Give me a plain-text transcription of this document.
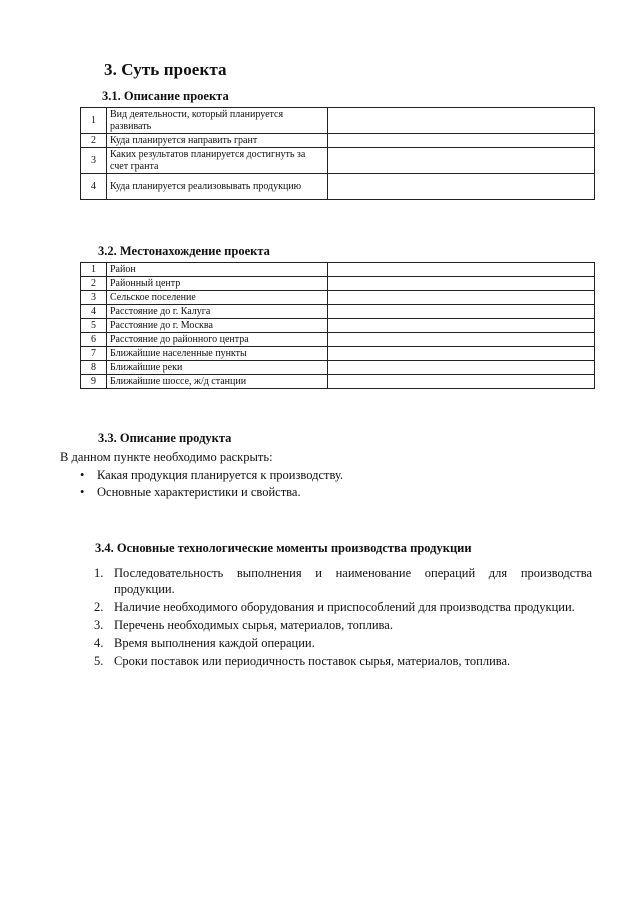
3. Суть проекта
3.1. Описание проекта
1	Вид деятельности, который планируется развивать	
2	Куда планируется направить грант	
3	Каких результатов планируется достигнуть за счет гранта	
4	Куда планируется реализовывать продукцию	
3.2. Местонахождение проекта
1	Район	
2	Районный центр	
3	Сельское поселение	
4	Расстояние до г. Калуга	
5	Расстояние до г. Москва	
6	Расстояние до районного центра	
7	Ближайшие населенные пункты	
8	Ближайшие реки	
9	Ближайшие шоссе, ж/д станции	
3.3. Описание продукта
В данном пункте необходимо раскрыть:
• Какая продукция планируется к производству.
• Основные характеристики и свойства.
3.4. Основные технологические моменты производства продукции
1. Последовательность выполнения и наименование операций для производства продукции.
2. Наличие необходимого оборудования и приспособлений для производства продукции.
3. Перечень необходимых сырья, материалов, топлива.
4. Время выполнения каждой операции.
5. Сроки поставок или периодичность поставок сырья, материалов, топлива.
